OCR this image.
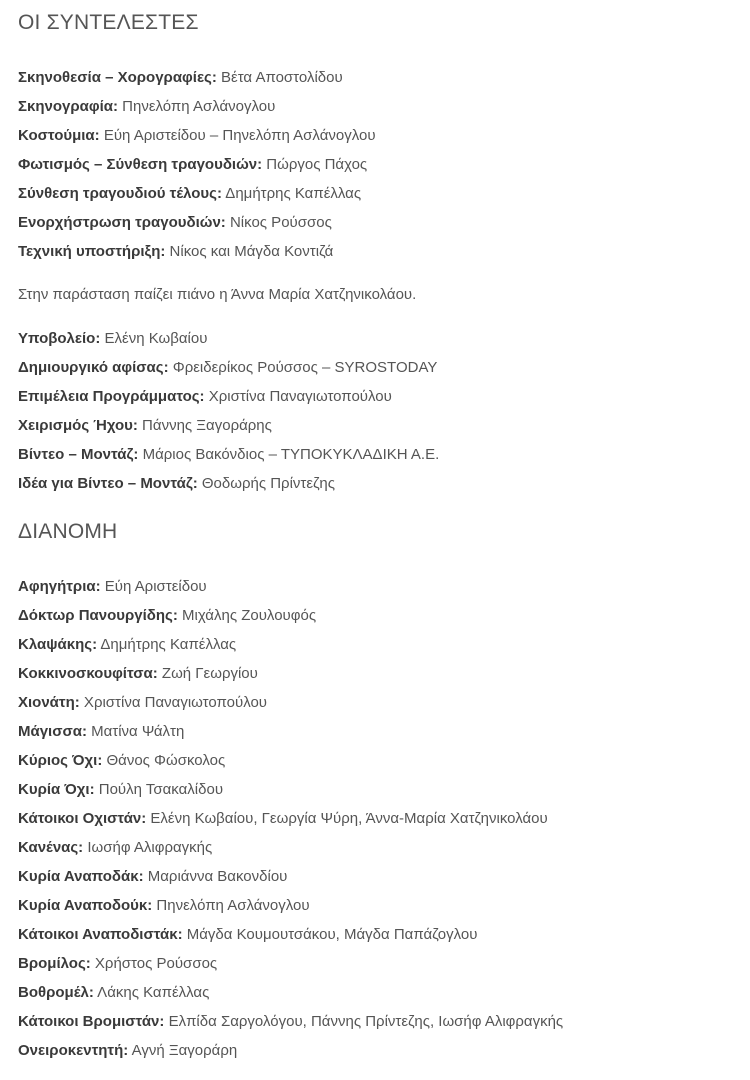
ΟΙ ΣΥΝΤΕΛΕΣΤΕΣ
Σκηνοθεσία – Χορογραφίες: Βέτα Αποστολίδου
Σκηνογραφία: Πηνελόπη Ασλάνογλου
Κοστούμια: Εύη Αριστείδου – Πηνελόπη Ασλάνογλου
Φωτισμός – Σύνθεση τραγουδιών: Πώργος Πάχος
Σύνθεση τραγουδιού τέλους: Δημήτρης Καπέλλας
Ενορχήστρωση τραγουδιών: Νίκος Ρούσσος
Τεχνική υποστήριξη: Νίκος και Μάγδα Κοντιζά

Στην παράσταση παίζει πιάνο η Άννα Μαρία Χατζηνικολάου.

Υποβολείο: Ελένη Κωβαίου
Δημιουργικό αφίσας: Φρειδερίκος Ρούσσος – SYROSTODAY
Επιμέλεια Προγράμματος: Χριστίνα Παναγιωτοπούλου
Χειρισμός Ήχου: Πάννης Ξαγοράρης
Βίντεο – Μοντάζ: Μάριος Βακόνδιος – ΤΥΠΟΚΥΚΛΑΔΙΚΗ Α.Ε.
Ιδέα για Βίντεο – Μοντάζ: Θοδωρής Πρίντεζης
ΔΙΑΝΟΜΗ
Αφηγήτρια: Εύη Αριστείδου
Δόκτωρ Πανουργίδης: Μιχάλης Ζουλουφός
Κλαψάκης: Δημήτρης Καπέλλας
Κοκκινοσκουφίτσα: Ζωή Γεωργίου
Χιονάτη: Χριστίνα Παναγιωτοπούλου
Μάγισσα: Ματίνα Ψάλτη
Κύριος Όχι: Θάνος Φώσκολος
Κυρία Όχι: Πούλη Τσακαλίδου
Κάτοικοι Οχιστάν: Ελένη Κωβαίου, Γεωργία Ψύρη, Άννα-Μαρία Χατζηνικολάου
Κανένας: Ιωσήφ Αλιφραγκής
Κυρία Αναποδάκ: Μαριάννα Βακονδίου
Κυρία Αναποδούκ: Πηνελόπη Ασλάνογλου
Κάτοικοι Αναποδιστάκ: Μάγδα Κουμουτσάκου, Μάγδα Παπάζογλου
Βρομίλος: Χρήστος Ρούσσος
Βοθρομέλ: Λάκης Καπέλλας
Κάτοικοι Βρομιστάν: Ελπίδα Σαργολόγου, Πάννης Πρίντεζης, Ιωσήφ Αλιφραγκής
Ονειροκεντητή: Αγνή Ξαγοράρη
